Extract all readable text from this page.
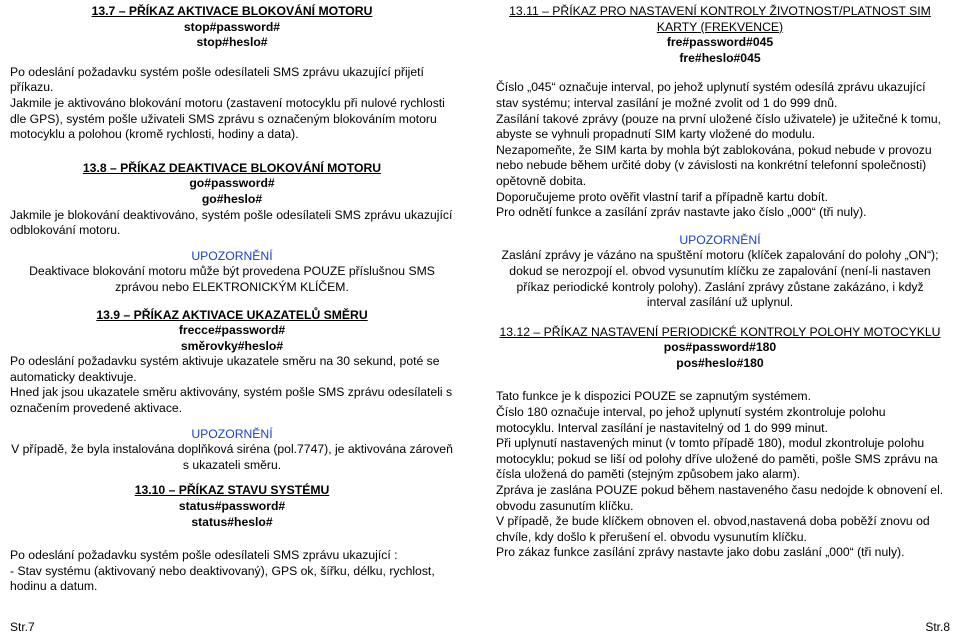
13.7 – PŘÍKAZ AKTIVACE BLOKOVÁNÍ MOTORU
stop#password#
stop#heslo#
Po odeslání požadavku systém pošle odesílateli SMS zprávu ukazující přijetí příkazu.
Jakmile je aktivováno blokování motoru (zastavení motocyklu při nulové rychlosti dle GPS), systém pošle uživateli SMS zprávu s označeným blokováním motoru motocyklu a polohou (kromě rychlosti, hodiny a data).
13.8 – PŘÍKAZ DEAKTIVACE BLOKOVÁNÍ MOTORU
go#password#
go#heslo#
Jakmile je blokování deaktivováno, systém pošle odesílateli SMS zprávu ukazující odblokování motoru.
UPOZORNĚNÍ
Deaktivace blokování motoru může být provedena POUZE příslušnou SMS zprávou nebo ELEKTRONICKÝM KLÍČEM.
13.9 – PŘÍKAZ AKTIVACE UKAZATELŮ SMĚRU
frecce#password#
směrovky#heslo#
Po odeslání požadavku systém aktivuje ukazatele směru na 30 sekund, poté se automaticky deaktivuje.
Hned jak jsou ukazatele směru aktivovány, systém pošle SMS zprávu odesílateli s označením provedené aktivace.
UPOZORNĚNÍ
V případě, že byla instalována doplňková siréna (pol.7747), je aktivována zároveň s ukazateli směru.
13.10 – PŘÍKAZ STAVU SYSTÉMU
status#password#
status#heslo#
Po odeslání požadavku systém pošle odesílateli SMS zprávu ukazující :
- Stav systému (aktivovaný nebo deaktivovaný), GPS ok, šířku, délku, rychlost, hodinu a datum.
13.11 – PŘÍKAZ PRO NASTAVENÍ KONTROLY ŽIVOTNOST/PLATNOST SIM KARTY (FREKVENCE)
fre#password#045
fre#heslo#045
Číslo „045“ označuje interval, po jehož uplynutí systém odesílá zprávu ukazující stav systému; interval zasílání je možné zvolit od 1 do 999 dnů.
Zasílání takové zprávy (pouze na první uložené číslo uživatele) je užitečné k tomu, abyste se vyhnuli propadnutí SIM karty vložené do modulu.
Nezapomeňte, že SIM karta by mohla být zablokována, pokud nebude v provozu nebo nebude během určité doby (v závislosti na konkrétní telefonní společnosti) opětovně dobita.
Doporučujeme proto ověřit vlastní tarif a případně kartu dobít.
Pro odnětí funkce a zasílání zpráv nastavte jako číslo „000“ (tři nuly).
UPOZORNĚNÍ
Zaslání zprávy je vázáno na spuštění motoru (klíček zapalování do polohy „ON“); dokud se nerozpojí el. obvod vysunutím klíčku ze zapalování (není-li nastaven příkaz periodické kontroly polohy). Zaslání zprávy zůstane zakázáno, i když interval zasílání už uplynul.
13.12 – PŘÍKAZ NASTAVENÍ PERIODICKÉ KONTROLY POLOHY MOTOCYKLU
pos#password#180
pos#heslo#180
Tato funkce je k dispozici POUZE se zapnutým systémem.
Číslo 180 označuje interval, po jehož uplynutí systém zkontroluje polohu motocyklu. Interval zasílání je nastavitelný od 1 do 999 minut.
Při uplynutí nastavených minut (v tomto případě 180), modul zkontroluje polohu motocyklu; pokud se liší od polohy dříve uložené do paměti, pošle SMS zprávu na čísla uložená do paměti (stejným způsobem jako alarm).
Zpráva je zaslána POUZE pokud během nastaveného času nedojde k obnovení el. obvodu zasunutím klíčku.
V případě, že bude klíčkem obnoven el. obvod,nastavená doba poběží znovu od chvíle, kdy došlo k přerušení el. obvodu vysunutím klíčku.
Pro zákaz funkce zasílání zprávy nastavte jako dobu zaslání „000“ (tři nuly).
Str.7	Str.8
